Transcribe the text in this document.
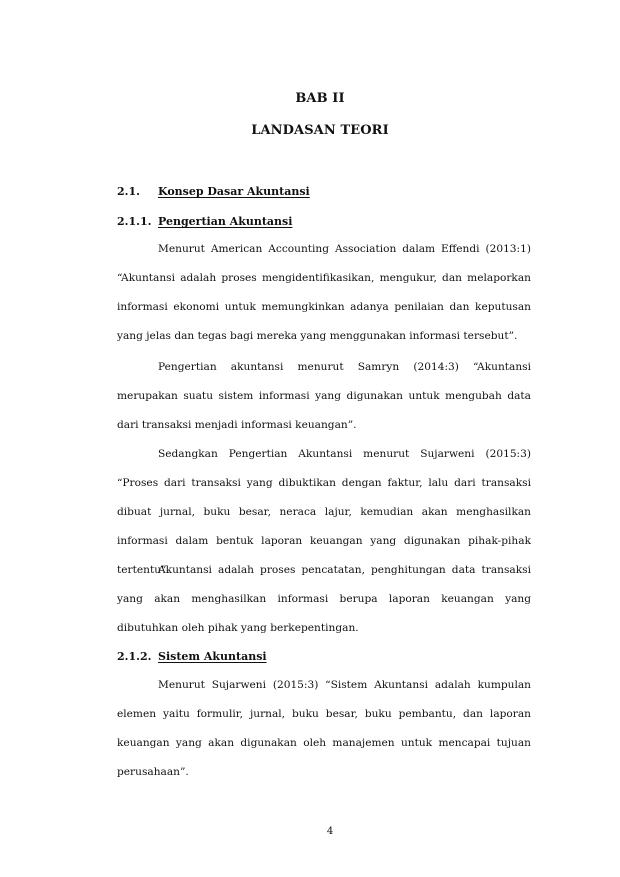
BAB II
LANDASAN TEORI
2.1. Konsep Dasar Akuntansi
2.1.1. Pengertian Akuntansi

Menurut American Accounting Association dalam Effendi (2013:1) “Akuntansi adalah proses mengidentifikasikan, mengukur, dan melaporkan informasi ekonomi untuk memungkinkan adanya penilaian dan keputusan yang jelas dan tegas bagi mereka yang menggunakan informasi tersebut”.

Pengertian akuntansi menurut Samryn (2014:3) “Akuntansi merupakan suatu sistem informasi yang digunakan untuk mengubah data dari transaksi menjadi informasi keuangan”.

Sedangkan Pengertian Akuntansi menurut Sujarweni (2015:3) “Proses dari transaksi yang dibuktikan dengan faktur, lalu dari transaksi dibuat jurnal, buku besar, neraca lajur, kemudian akan menghasilkan informasi dalam bentuk laporan keuangan yang digunakan pihak-pihak tertentu”.

Akuntansi adalah proses pencatatan, penghitungan data transaksi yang akan menghasilkan informasi berupa laporan keuangan yang dibutuhkan oleh pihak yang berkepentingan.

2.1.2. Sistem Akuntansi

Menurut Sujarweni (2015:3) “Sistem Akuntansi adalah kumpulan elemen yaitu formulir, jurnal, buku besar, buku pembantu, dan laporan keuangan yang akan digunakan oleh manajemen untuk mencapai tujuan perusahaan”.

4
